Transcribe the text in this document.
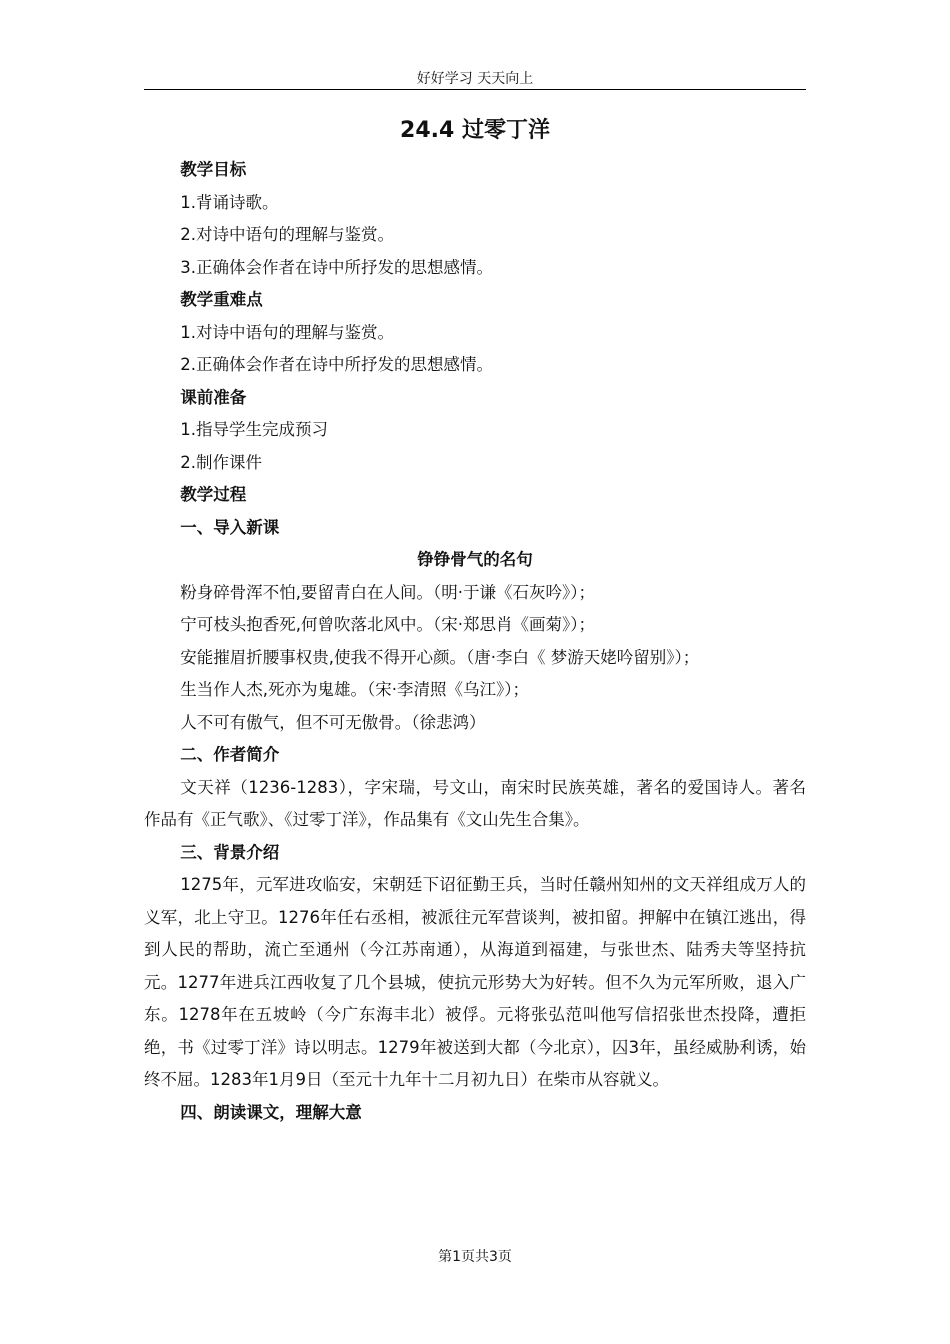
好好学习 天天向上
24.4 过零丁洋

教学目标

1.背诵诗歌。

2.对诗中语句的理解与鉴赏。

3.正确体会作者在诗中所抒发的思想感情。

教学重难点

1.对诗中语句的理解与鉴赏。

2.正确体会作者在诗中所抒发的思想感情。

课前准备

1.指导学生完成预习

2.制作课件

教学过程

一、导入新课

铮铮骨气的名句

粉身碎骨浑不怕,要留青白在人间。（明·于谦《石灰吟》）；

宁可枝头抱香死,何曾吹落北风中。（宋·郑思肖《画菊》）；

安能摧眉折腰事权贵,使我不得开心颜。（唐·李白《 梦游天姥吟留别》）；

生当作人杰,死亦为鬼雄。（宋·李清照《乌江》）；

人不可有傲气，但不可无傲骨。（徐悲鸿）

二、作者简介

文天祥（1236-1283），字宋瑞，号文山，南宋时民族英雄，著名的爱国诗人。著名作品有《正气歌》、《过零丁洋》，作品集有《文山先生合集》。

三、背景介绍

1275年，元军进攻临安，宋朝廷下诏征勤王兵，当时任赣州知州的文天祥组成万人的义军，北上守卫。1276年任右丞相，被派往元军营谈判，被扣留。押解中在镇江逃出，得到人民的帮助，流亡至通州（今江苏南通），从海道到福建，与张世杰、陆秀夫等坚持抗元。1277年进兵江西收复了几个县城，使抗元形势大为好转。但不久为元军所败，退入广东。1278年在五坡岭（今广东海丰北）被俘。元将张弘范叫他写信招张世杰投降，遭拒绝，书《过零丁洋》诗以明志。1279年被送到大都（今北京），囚3年，虽经威胁利诱，始终不屈。1283年1月9日（至元十九年十二月初九日）在柴市从容就义。

四、朗读课文，理解大意

第1页共3页
